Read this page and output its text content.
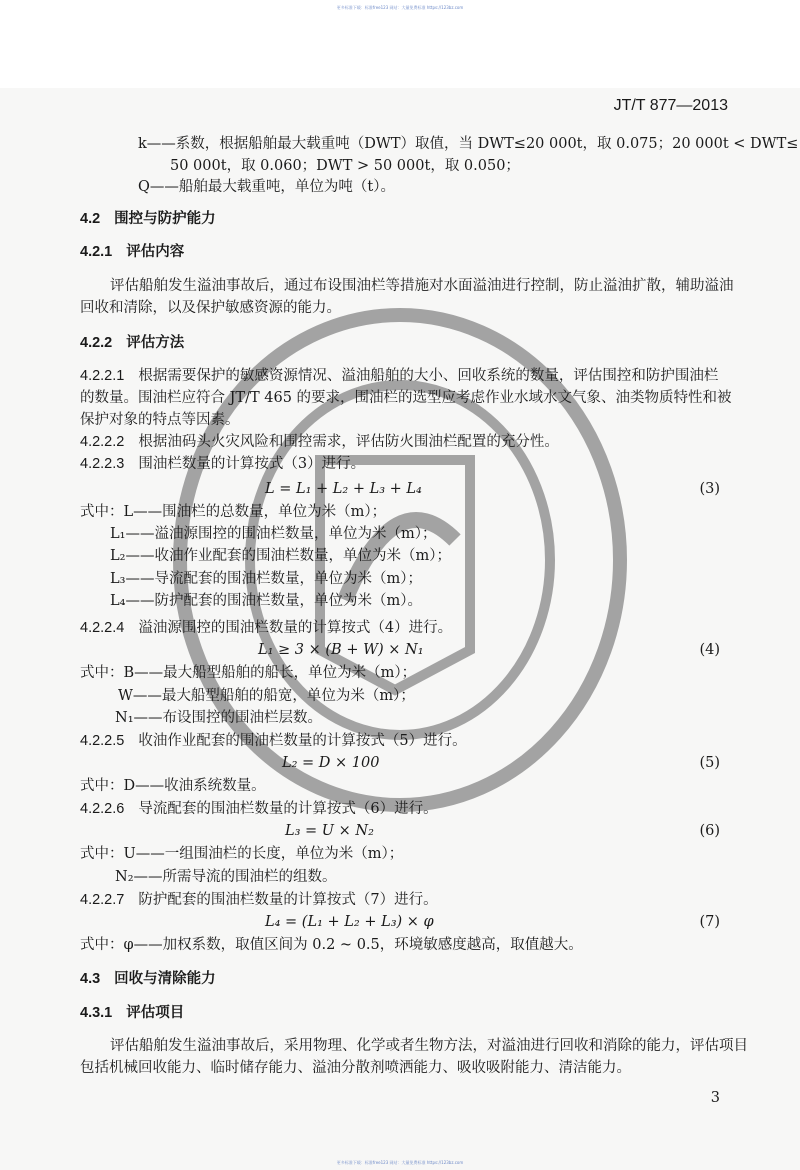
更多标准下载：标准free123 网站：大量免费标准 https://123bz.com
JT/T 877—2013
k——系数，根据船舶最大载重吨（DWT）取值，当 DWT≤20 000t，取 0.075；20 000t < DWT≤
50 000t，取 0.060；DWT > 50 000t，取 0.050；
Q——船舶最大载重吨，单位为吨（t）。
4.2 围控与防护能力
4.2.1 评估内容
评估船舶发生溢油事故后，通过布设围油栏等措施对水面溢油进行控制，防止溢油扩散，辅助溢油
回收和清除，以及保护敏感资源的能力。
4.2.2 评估方法
4.2.2.1 根据需要保护的敏感资源情况、溢油船舶的大小、回收系统的数量，评估围控和防护围油栏
的数量。围油栏应符合 JT/T 465 的要求，围油栏的选型应考虑作业水域水文气象、油类物质特性和被
保护对象的特点等因素。
4.2.2.2 根据油码头火灾风险和围控需求，评估防火围油栏配置的充分性。
4.2.2.3 围油栏数量的计算按式（3）进行。
L = L₁ + L₂ + L₃ + L₄	(3)
式中：L——围油栏的总数量，单位为米（m）；
L₁——溢油源围控的围油栏数量，单位为米（m）；
L₂——收油作业配套的围油栏数量，单位为米（m）；
L₃——导流配套的围油栏数量，单位为米（m）；
L₄——防护配套的围油栏数量，单位为米（m）。
4.2.2.4 溢油源围控的围油栏数量的计算按式（4）进行。
L₁ ≥ 3 × (B + W) × N₁	(4)
式中：B——最大船型船舶的船长，单位为米（m）；
W——最大船型船舶的船宽，单位为米（m）；
N₁——布设围控的围油栏层数。
4.2.2.5 收油作业配套的围油栏数量的计算按式（5）进行。
L₂ = D × 100	(5)
式中：D——收油系统数量。
4.2.2.6 导流配套的围油栏数量的计算按式（6）进行。
L₃ = U × N₂	(6)
式中：U——一组围油栏的长度，单位为米（m）；
N₂——所需导流的围油栏的组数。
4.2.2.7 防护配套的围油栏数量的计算按式（7）进行。
L₄ = (L₁ + L₂ + L₃) × φ	(7)
式中：φ——加权系数，取值区间为 0.2 ~ 0.5，环境敏感度越高，取值越大。
4.3 回收与清除能力
4.3.1 评估项目
评估船舶发生溢油事故后，采用物理、化学或者生物方法，对溢油进行回收和消除的能力，评估项目
包括机械回收能力、临时储存能力、溢油分散剂喷洒能力、吸收吸附能力、清洁能力。
3
更多标准下载：标准free123 网站：大量免费标准 https://123bz.com
